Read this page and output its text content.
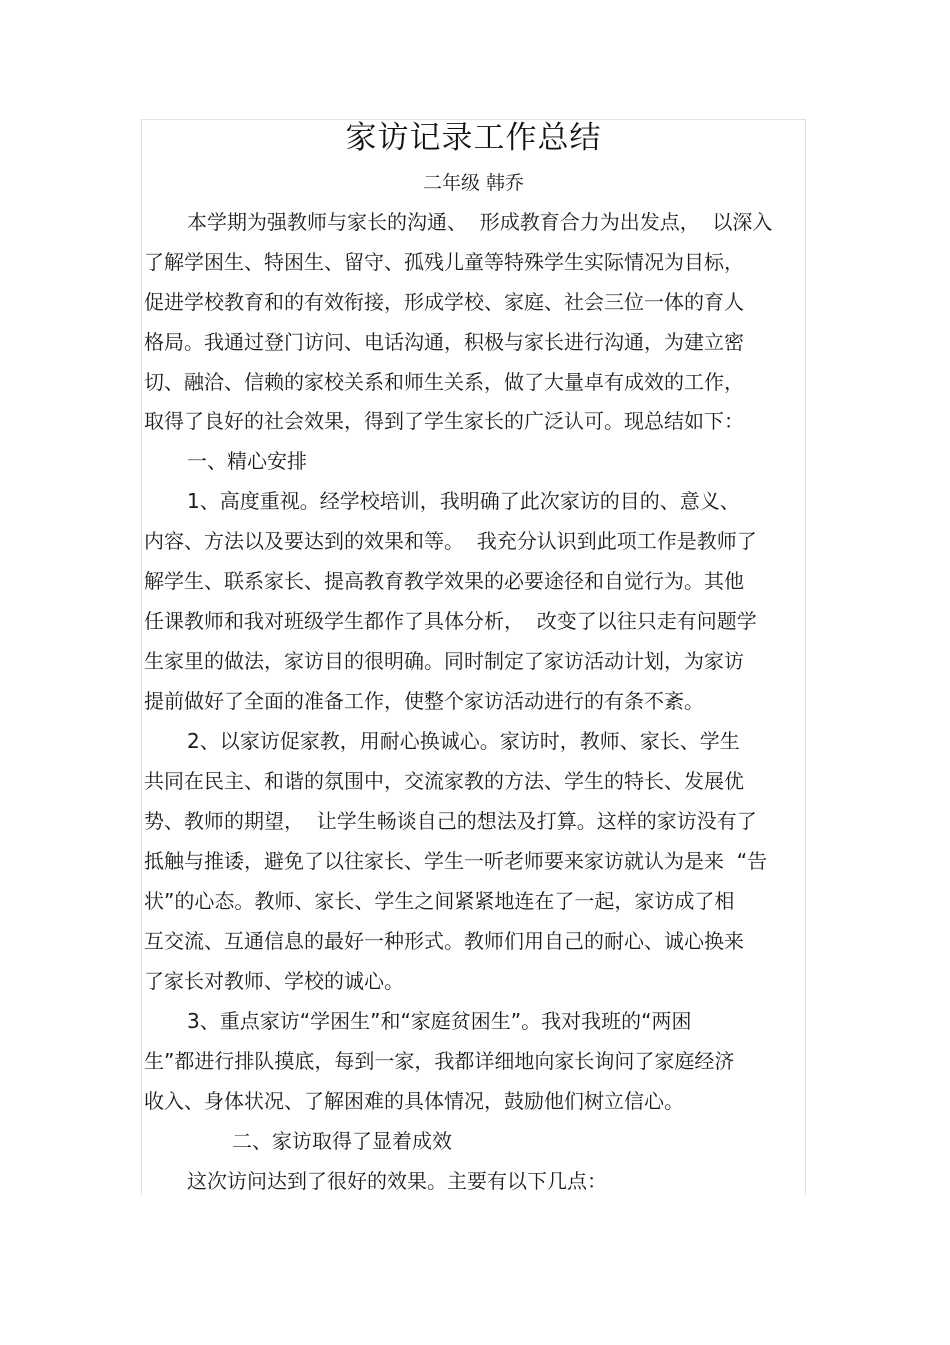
家访记录工作总结
二年级 韩乔
本学期为强教师与家长的沟通、  形成教育合力为出发点，  以深入
了解学困生、特困生、留守、孤残儿童等特殊学生实际情况为目标，
促进学校教育和的有效衔接，形成学校、家庭、社会三位一体的育人
格局。我通过登门访问、电话沟通，积极与家长进行沟通，为建立密
切、融洽、信赖的家校关系和师生关系，做了大量卓有成效的工作，
取得了良好的社会效果，得到了学生家长的广泛认可。现总结如下：
一、精心安排
1、高度重视。经学校培训，我明确了此次家访的目的、意义、
内容、方法以及要达到的效果和等。  我充分认识到此项工作是教师了
解学生、联系家长、提高教育教学效果的必要途径和自觉行为。其他
任课教师和我对班级学生都作了具体分析，  改变了以往只走有问题学
生家里的做法，家访目的很明确。同时制定了家访活动计划，为家访
提前做好了全面的准备工作，使整个家访活动进行的有条不紊。
2、以家访促家教，用耐心换诚心。家访时，教师、家长、学生
共同在民主、和谐的氛围中，交流家教的方法、学生的特长、发展优
势、教师的期望，  让学生畅谈自己的想法及打算。这样的家访没有了
抵触与推诿，避免了以往家长、学生一听老师要来家访就认为是来  “告
状”的心态。教师、家长、学生之间紧紧地连在了一起，家访成了相
互交流、互通信息的最好一种形式。教师们用自己的耐心、诚心换来
了家长对教师、学校的诚心。
3、重点家访“学困生”和“家庭贫困生”。我对我班的“两困
生”都进行排队摸底，每到一家，我都详细地向家长询问了家庭经济
收入、身体状况、了解困难的具体情况，鼓励他们树立信心。
二、家访取得了显着成效
这次访问达到了很好的效果。主要有以下几点：
